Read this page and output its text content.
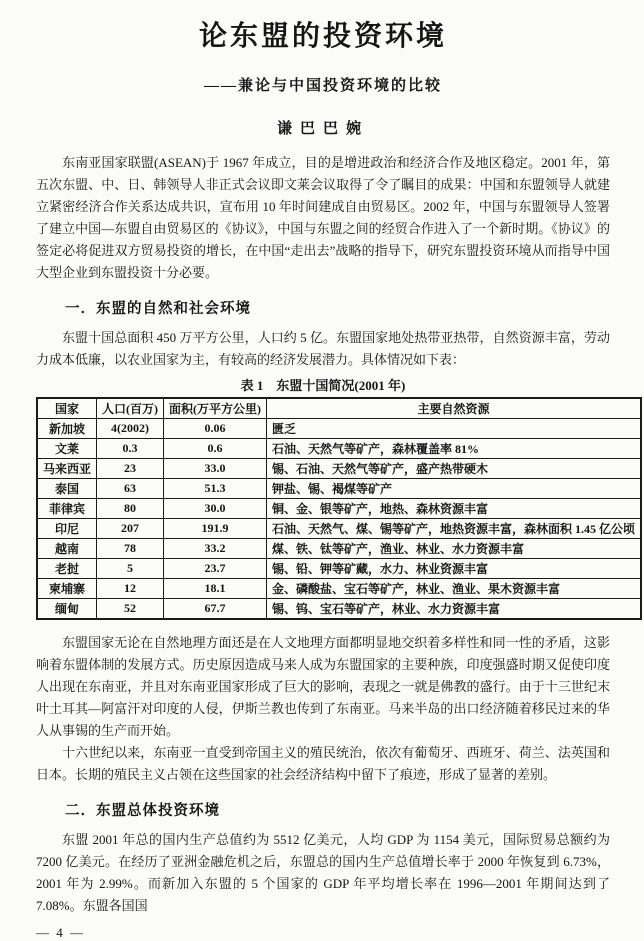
论东盟的投资环境
——兼论与中国投资环境的比较
谦巴巴婉

东南亚国家联盟(ASEAN)于 1967 年成立，目的是增进政治和经济合作及地区稳定。2001 年，第五次东盟、中、日、韩领导人非正式会议即文莱会议取得了令了瞩目的成果：中国和东盟领导人就建立紧密经济合作关系达成共识，宣布用 10 年时间建成自由贸易区。2002 年，中国与东盟领导人签署了建立中国—东盟自由贸易区的《协议》，中国与东盟之间的经贸合作进入了一个新时期。《协议》的签定必将促进双方贸易投资的增长，在中国“走出去”战略的指导下，研究东盟投资环境从而指导中国大型企业到东盟投资十分必要。

一．东盟的自然和社会环境

东盟十国总面积 450 万平方公里，人口约 5 亿。东盟国家地处热带亚热带，自然资源丰富，劳动力成本低廉，以农业国家为主，有较高的经济发展潜力。具体情况如下表：

表 1　东盟十国简况(2001 年)
国家	人口(百万)	面积(万平方公里)	主要自然资源
新加坡	4(2002)	0.06	匮乏
文莱	0.3	0.6	石油、天然气等矿产，森林覆盖率 81%
马来西亚	23	33.0	锡、石油、天然气等矿产，盛产热带硬木
泰国	63	51.3	钾盐、锡、褐煤等矿产
菲律宾	80	30.0	铜、金、银等矿产，地热、森林资源丰富
印尼	207	191.9	石油、天然气、煤、锡等矿产，地热资源丰富，森林面积 1.45 亿公顷
越南	78	33.2	煤、铁、钛等矿产，渔业、林业、水力资源丰富
老挝	5	23.7	锡、铅、钾等矿藏，水力、林业资源丰富
柬埔寨	12	18.1	金、磷酸盐、宝石等矿产，林业、渔业、果木资源丰富
缅甸	52	67.7	锡、钨、宝石等矿产，林业、水力资源丰富

东盟国家无论在自然地理方面还是在人文地理方面都明显地交织着多样性和同一性的矛盾，这影响着东盟体制的发展方式。历史原因造成马来人成为东盟国家的主要种族，印度强盛时期又促使印度人出现在东南亚，并且对东南亚国家形成了巨大的影响，表现之一就是佛教的盛行。由于十三世纪末叶土耳其—阿富汗对印度的人侵，伊斯兰教也传到了东南亚。马来半岛的出口经济随着移民过来的华人从事锡的生产而开始。

十六世纪以来，东南亚一直受到帝国主义的殖民统治，依次有葡萄牙、西班牙、荷兰、法英国和日本。长期的殖民主义占领在这些国家的社会经济结构中留下了痕迹，形成了显著的差别。

二．东盟总体投资环境

东盟 2001 年总的国内生产总值约为 5512 亿美元，人均 GDP 为 1154 美元，国际贸易总额约为 7200 亿美元。在经历了亚洲金融危机之后，东盟总的国内生产总值增长率于 2000 年恢复到 6.73%，2001 年为 2.99%。而新加入东盟的 5 个国家的 GDP 年平均增长率在 1996—2001 年期间达到了 7.08%。东盟各国国

— 4 —
